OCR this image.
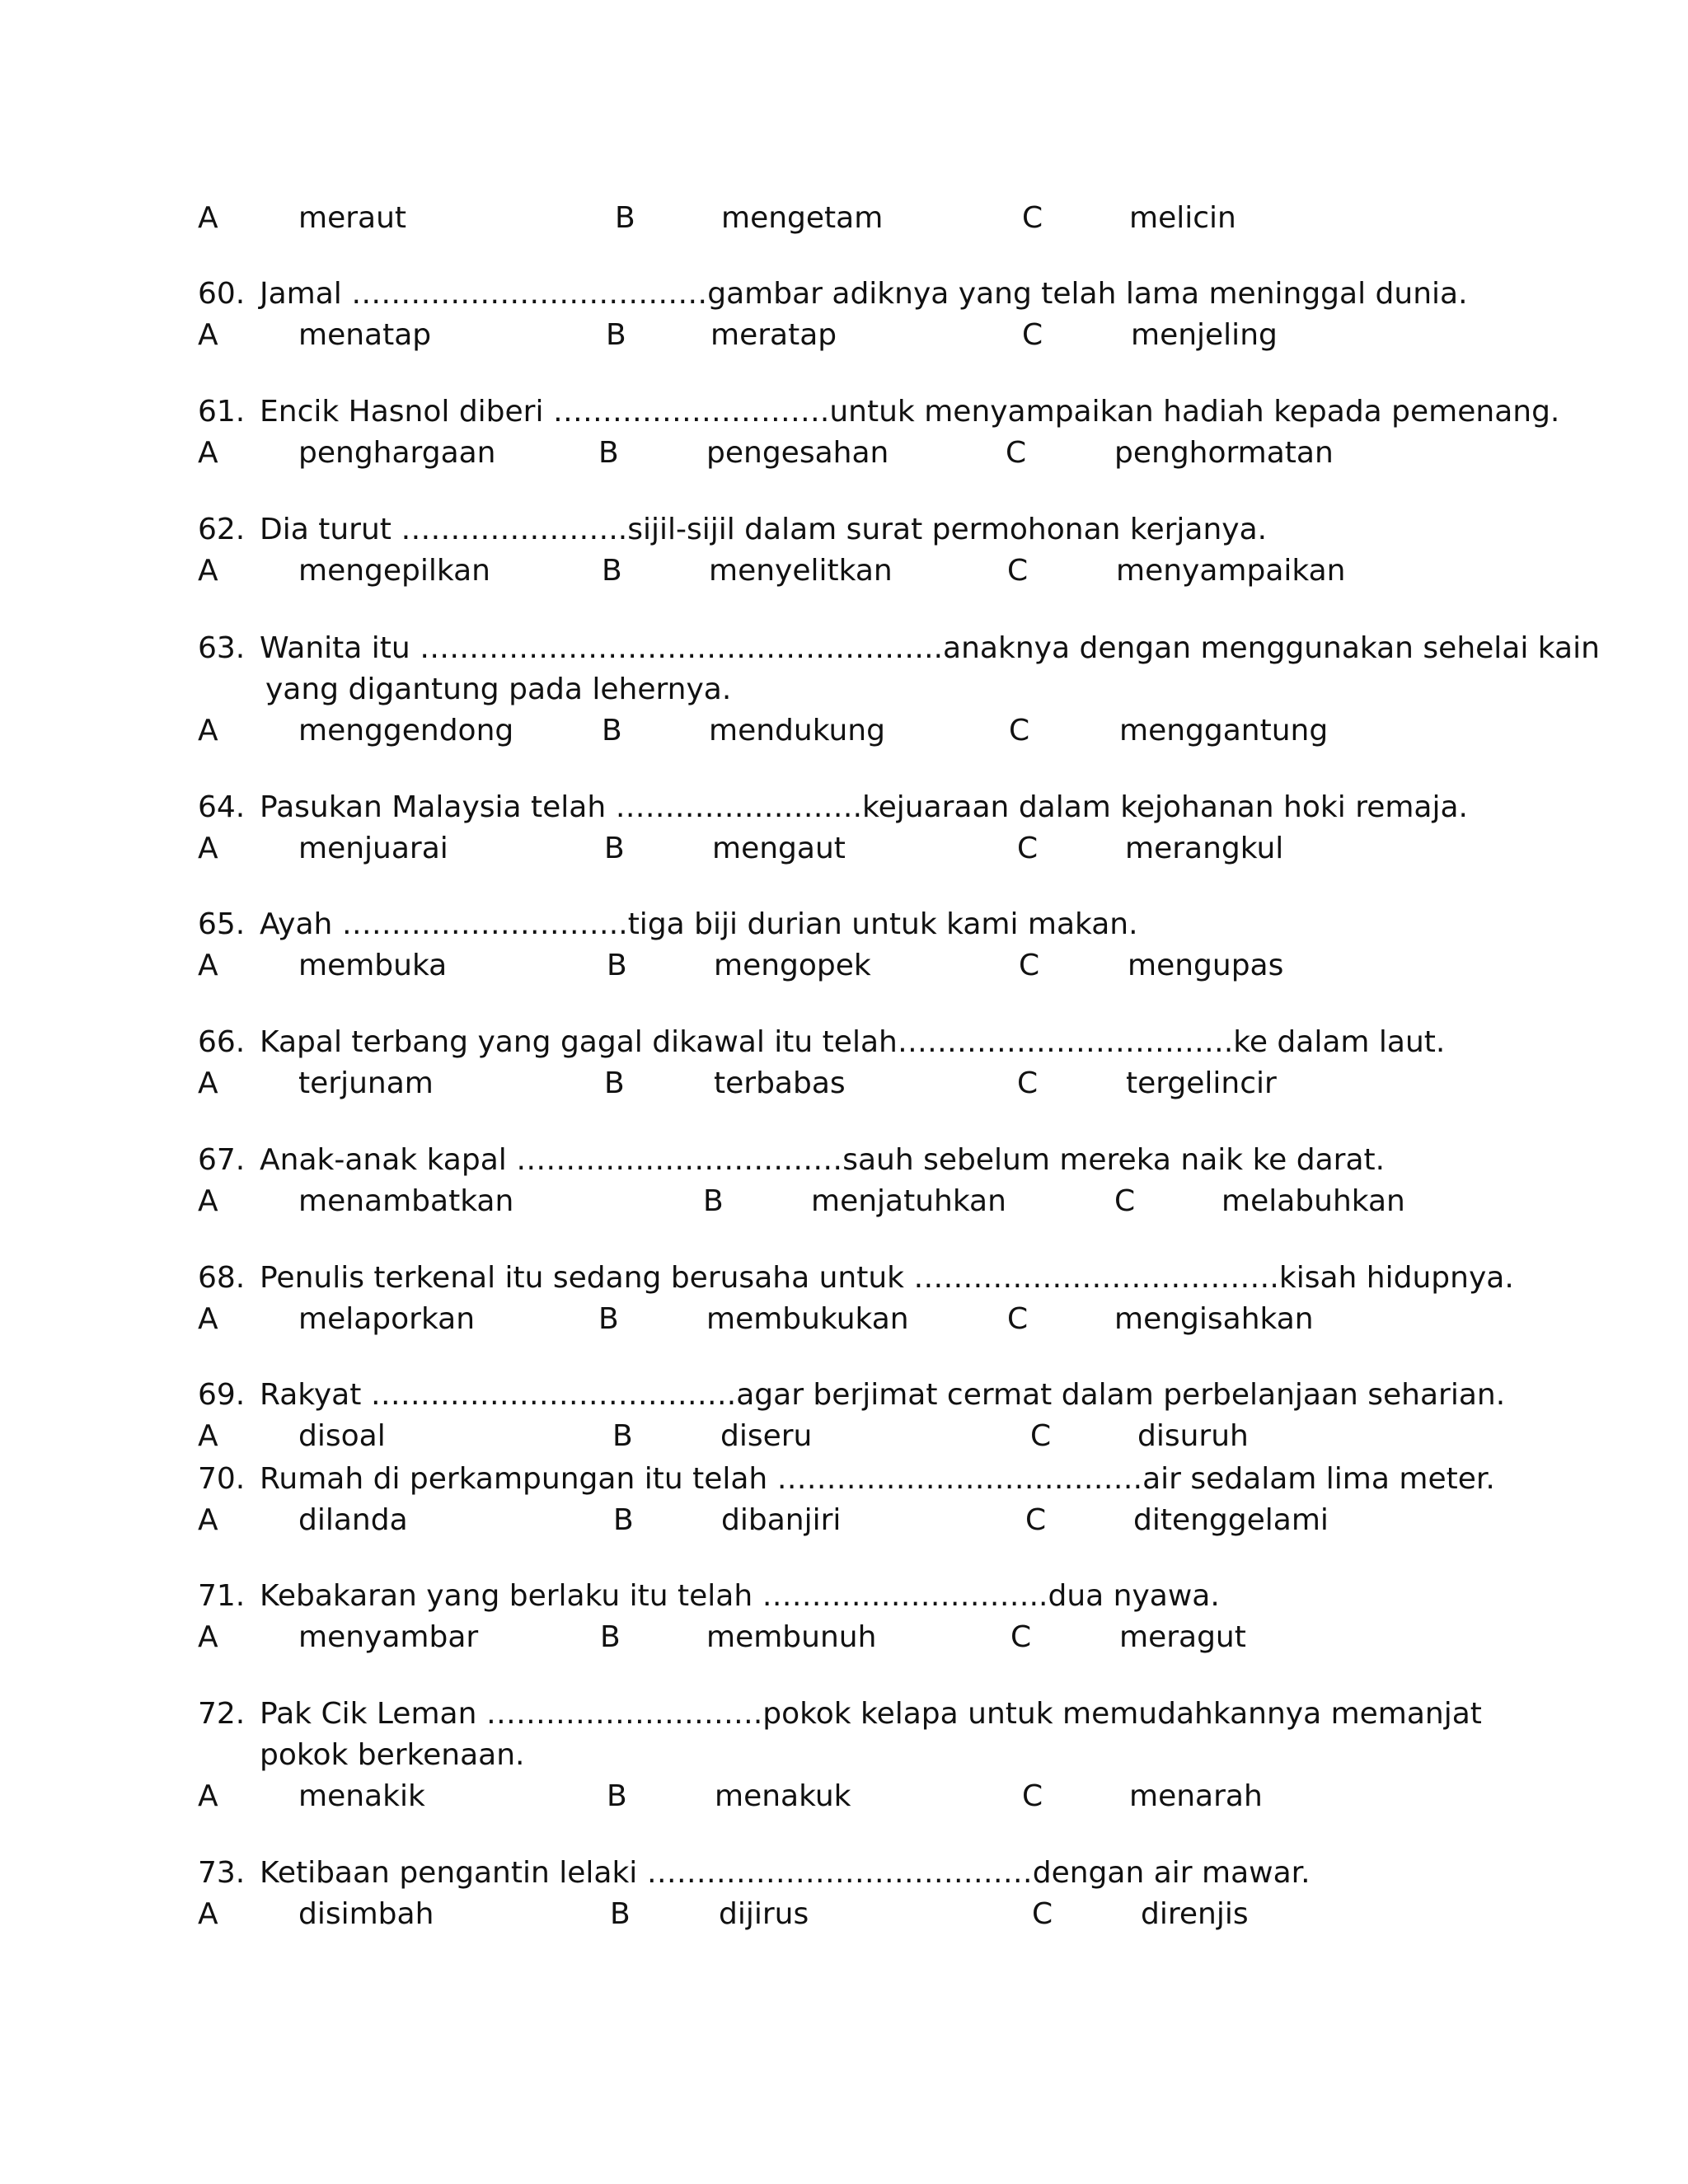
A	meraut	B	mengetam	C	melicin
60. Jamal ………………………………gambar adiknya yang telah lama meninggal dunia.
A	menatap	B	meratap	C	menjeling
61. Encik Hasnol diberi ……………………….untuk menyampaikan hadiah kepada pemenang.
A	penghargaan	B	pengesahan	C	penghormatan
62. Dia turut …………………..sijil-sijil dalam surat permohonan kerjanya.
A	mengepilkan	B	menyelitkan	C	menyampaikan
63. Wanita itu ……………………………………………..anaknya dengan menggunakan sehelai kain
yang digantung pada lehernya.
A	menggendong	B	mendukung	C	menggantung
64. Pasukan Malaysia telah …………………….kejuaraan dalam kejohanan hoki remaja.
A	menjuarai	B	mengaut	C	merangkul
65. Ayah ………………………..tiga biji durian untuk kami makan.
A	membuka	B	mengopek	C	mengupas
66. Kapal terbang yang gagal dikawal itu telah…………………………….ke dalam laut.
A	terjunam	B	terbabas	C	tergelincir
67. Anak-anak kapal ……………………………sauh sebelum mereka naik ke darat.
A	menambatkan	B	menjatuhkan	C	melabuhkan
68. Penulis terkenal itu sedang berusaha untuk ……………………………….kisah hidupnya.
A	melaporkan	B	membukukan	C	mengisahkan
69. Rakyat ……………………………….agar berjimat cermat dalam perbelanjaan seharian.
A	disoal	B	diseru	C	disuruh
70. Rumah di perkampungan itu telah ……………………………….air sedalam lima meter.
A	dilanda	B	dibanjiri	C	ditenggelami
71. Kebakaran yang berlaku itu telah ………………………..dua nyawa.
A	menyambar	B	membunuh	C	meragut
72. Pak Cik Leman ……………………….pokok kelapa untuk memudahkannya memanjat
pokok berkenaan.
A	menakik	B	menakuk	C	menarah
73. Ketibaan pengantin lelaki …………………………………dengan air mawar.
A	disimbah	B	dijirus	C	direnjis
